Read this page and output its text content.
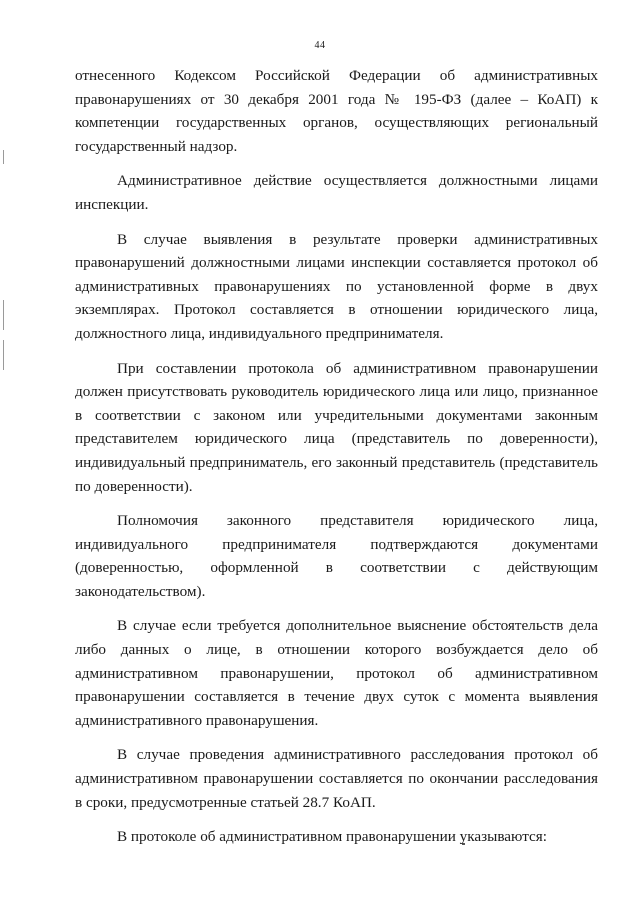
44

отнесенного Кодексом Российской Федерации об административных правонарушениях от 30 декабря 2001 года № 195-ФЗ (далее – КоАП) к компетенции государственных органов, осуществляющих региональный государственный надзор.

Административное действие осуществляется должностными лицами инспекции.

В случае выявления в результате проверки административных правонарушений должностными лицами инспекции составляется протокол об административных правонарушениях по установленной форме в двух экземплярах. Протокол составляется в отношении юридического лица, должностного лица, индивидуального предпринимателя.

При составлении протокола об административном правонарушении должен присутствовать руководитель юридического лица или лицо, признанное в соответствии с законом или учредительными документами законным представителем юридического лица (представитель по доверенности), индивидуальный предприниматель, его законный представитель (представитель по доверенности).

Полномочия законного представителя юридического лица, индивидуального предпринимателя подтверждаются документами (доверенностью, оформленной в соответствии с действующим законодательством).

В случае если требуется дополнительное выяснение обстоятельств дела либо данных о лице, в отношении которого возбуждается дело об административном правонарушении, протокол об административном правонарушении составляется в течение двух суток с момента выявления административного правонарушения.

В случае проведения административного расследования протокол об административном правонарушении составляется по окончании расследования в сроки, предусмотренные статьей 28.7 КоАП.

В протоколе об административном правонарушении указываются:
